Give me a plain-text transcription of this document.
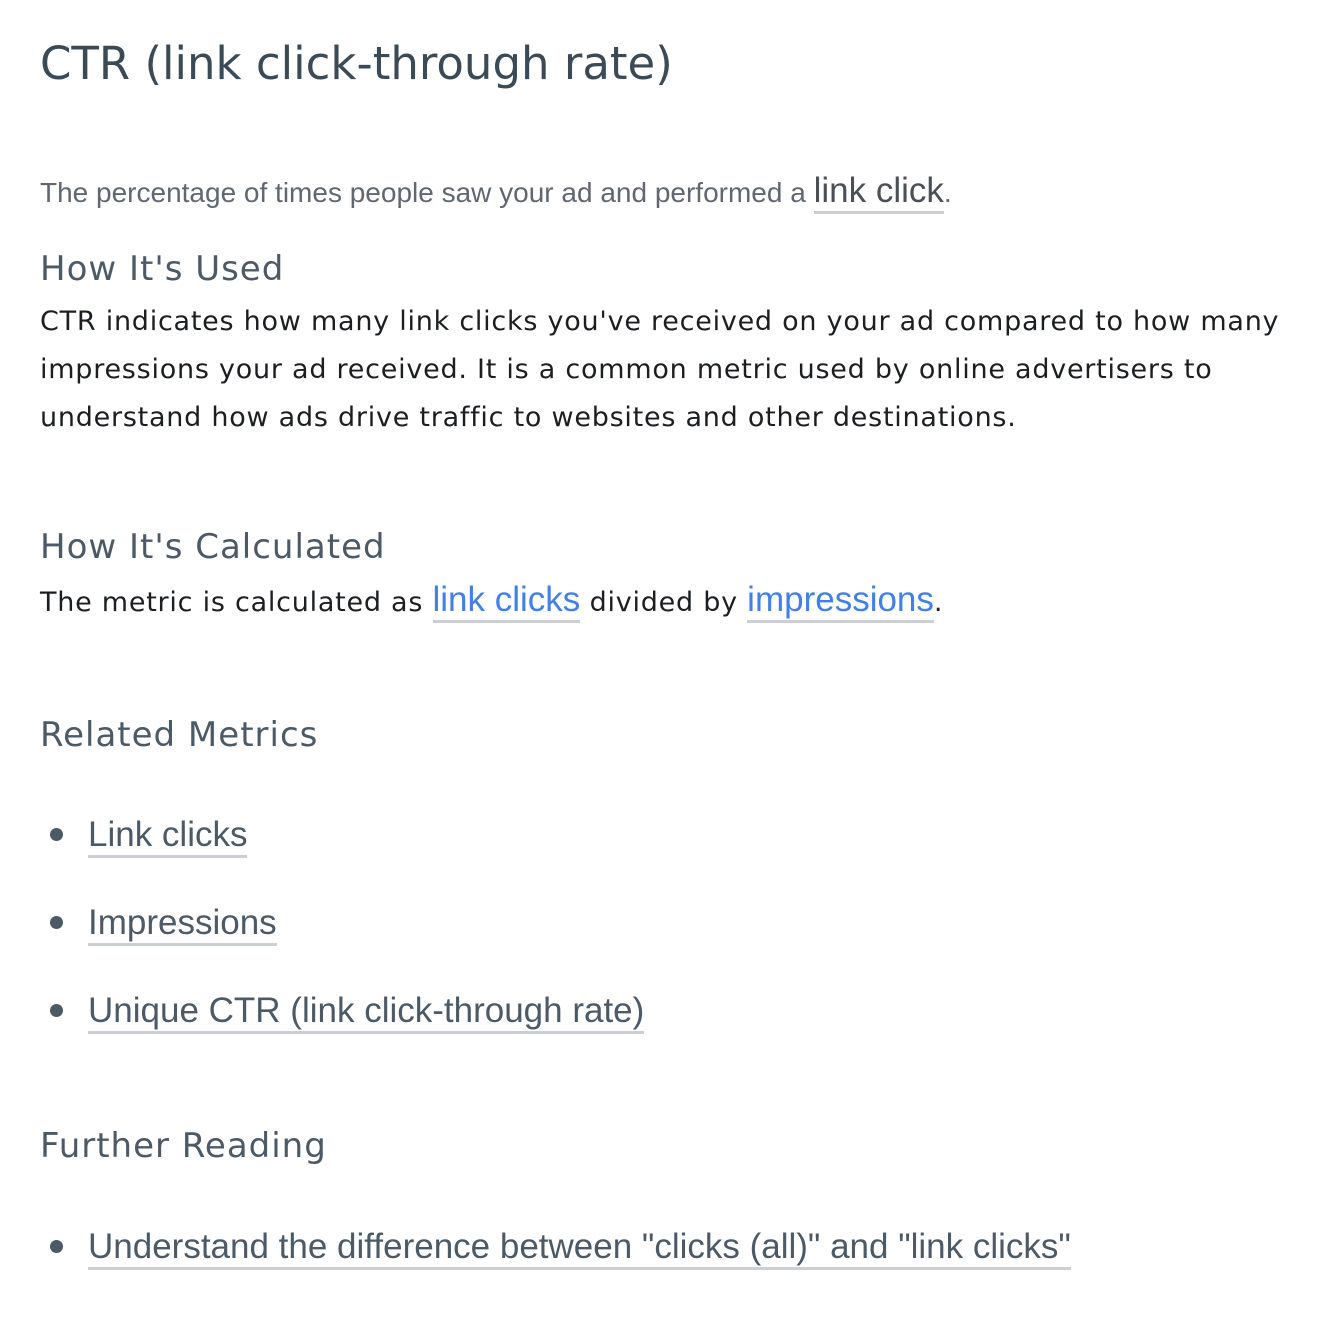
CTR (link click-through rate)

The percentage of times people saw your ad and performed a link click.

How It's Used

CTR indicates how many link clicks you've received on your ad compared to how many impressions your ad received. It is a common metric used by online advertisers to understand how ads drive traffic to websites and other destinations.

How It's Calculated

The metric is calculated as link clicks divided by impressions.

Related Metrics
Link clicks
Impressions
Unique CTR (link click-through rate)
Further Reading
Understand the difference between "clicks (all)" and "link clicks"
